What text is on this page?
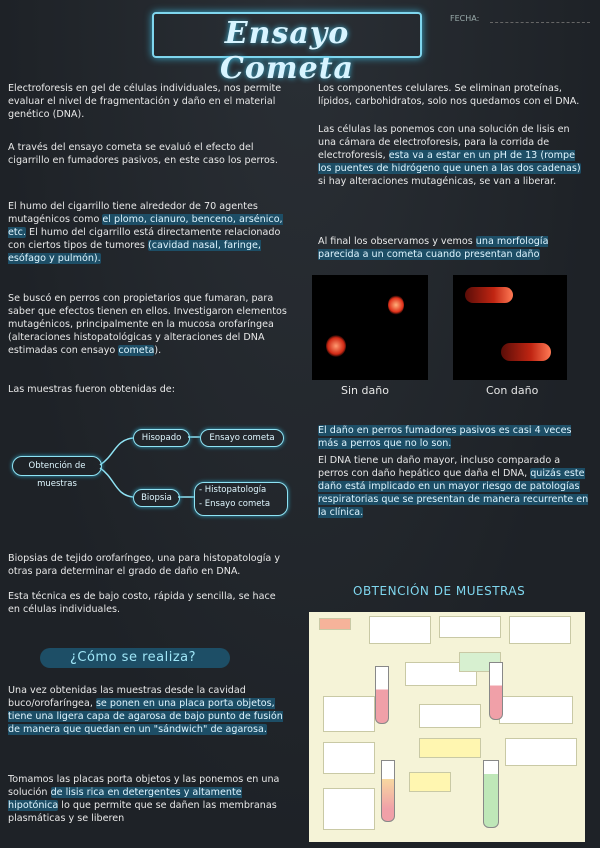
Ensayo Cometa
FECHA:
Electroforesis en gel de células individuales, nos permite evaluar el nivel de fragmentación y daño en el material genético (DNA).
A través del ensayo cometa se evaluó el efecto del cigarrillo en fumadores pasivos, en este caso los perros.
El humo del cigarrillo tiene alrededor de 70 agentes mutagénicos como el plomo, cianuro, benceno, arsénico, etc. El humo del cigarrillo está directamente relacionado con ciertos tipos de tumores (cavidad nasal, faringe, esófago y pulmón).
Se buscó en perros con propietarios que fumaran, para saber que efectos tienen en ellos. Investigaron elementos mutagénicos, principalmente en la mucosa orofaríngea (alteraciones histopatológicas y alteraciones del DNA estimadas con ensayo cometa).
Las muestras fueron obtenidas de:
Obtención de muestras
Hisopado	Ensayo cometa
Biopsia
- Histopatología
- Ensayo cometa
Biopsias de tejido orofaríngeo, una para histopatología y otras para determinar el grado de daño en DNA.
Esta técnica es de bajo costo, rápida y sencilla, se hace en células individuales.
¿Cómo se realiza?
Una vez obtenidas las muestras desde la cavidad buco/orofaríngea, se ponen en una placa porta objetos, tiene una ligera capa de agarosa de bajo punto de fusión de manera que quedan en un "sándwich" de agarosa.
Tomamos las placas porta objetos y las ponemos en una solución de lisis rica en detergentes y altamente hipotónica lo que permite que se dañen las membranas plasmáticas y se liberen
Los componentes celulares. Se eliminan proteínas, lípidos, carbohidratos, solo nos quedamos con el DNA.
Las células las ponemos con una solución de lisis en una cámara de electroforesis, para la corrida de electroforesis, esta va a estar en un pH de 13 (rompe los puentes de hidrógeno que unen a las dos cadenas) si hay alteraciones mutagénicas, se van a liberar.
Al final los observamos y vemos una morfología parecida a un cometa cuando presentan daño
Sin daño	Con daño
El daño en perros fumadores pasivos es casi 4 veces más a perros que no lo son.
El DNA tiene un daño mayor, incluso comparado a perros con daño hepático que daña el DNA, quizás este daño está implicado en un mayor riesgo de patologías respiratorias que se presentan de manera recurrente en la clínica.
OBTENCIÓN DE MUESTRAS
